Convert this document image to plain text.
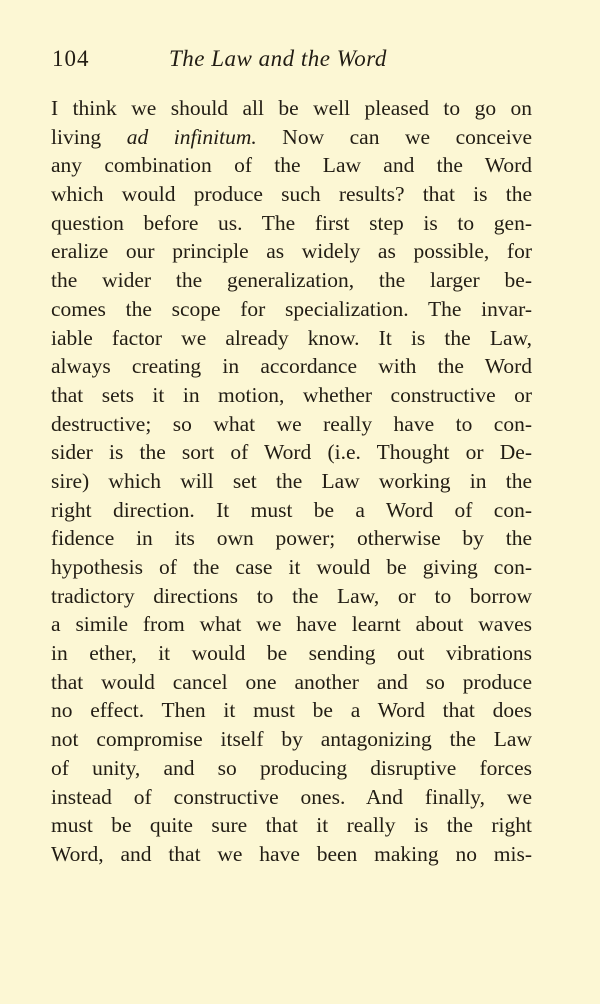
104	The Law and the Word
I think we should all be well pleased to go on
living ad infinitum. Now can we conceive
any combination of the Law and the Word
which would produce such results? that is the
question before us. The first step is to gen-
eralize our principle as widely as possible, for
the wider the generalization, the larger be-
comes the scope for specialization. The invar-
iable factor we already know. It is the Law,
always creating in accordance with the Word
that sets it in motion, whether constructive or
destructive; so what we really have to con-
sider is the sort of Word (i.e. Thought or De-
sire) which will set the Law working in the
right direction. It must be a Word of con-
fidence in its own power; otherwise by the
hypothesis of the case it would be giving con-
tradictory directions to the Law, or to borrow
a simile from what we have learnt about waves
in ether, it would be sending out vibrations
that would cancel one another and so produce
no effect. Then it must be a Word that does
not compromise itself by antagonizing the Law
of unity, and so producing disruptive forces
instead of constructive ones. And finally, we
must be quite sure that it really is the right
Word, and that we have been making no mis-
